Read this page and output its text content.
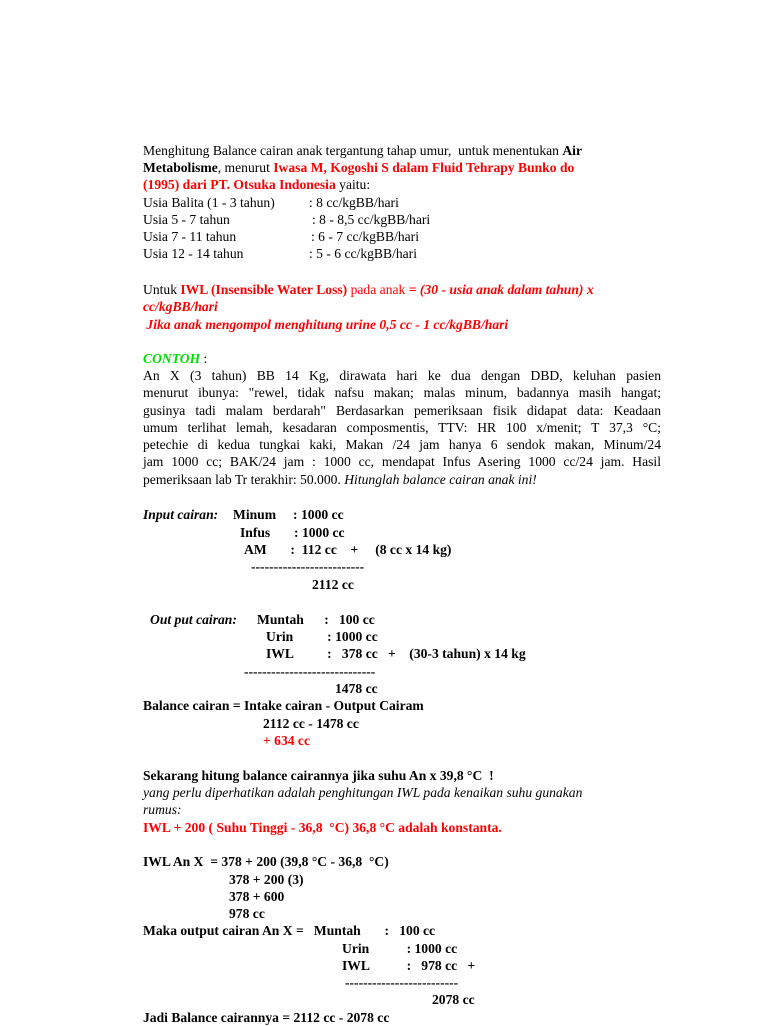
Menghitung Balance cairan anak tergantung tahap umur,  untuk menentukan Air
Metabolisme, menurut Iwasa M, Kogoshi S dalam Fluid Tehrapy Bunko do
(1995) dari PT. Otsuka Indonesia yaitu:
Usia Balita (1 - 3 tahun)	: 8 cc/kgBB/hari
Usia 5 - 7 tahun	: 8 - 8,5 cc/kgBB/hari
Usia 7 - 11 tahun	: 6 - 7 cc/kgBB/hari
Usia 12 - 14 tahun	: 5 - 6 cc/kgBB/hari
Untuk IWL (Insensible Water Loss) pada anak = (30 - usia anak dalam tahun) x
cc/kgBB/hari
Jika anak mengompol menghitung urine 0,5 cc - 1 cc/kgBB/hari
CONTOH :
An X (3 tahun) BB 14 Kg, dirawata hari ke dua dengan DBD, keluhan pasien
menurut ibunya: "rewel, tidak nafsu makan; malas minum, badannya masih hangat;
gusinya tadi malam berdarah" Berdasarkan pemeriksaan fisik didapat data: Keadaan
umum terlihat lemah, kesadaran composmentis, TTV: HR 100 x/menit; T 37,3 °C;
petechie di kedua tungkai kaki, Makan /24 jam hanya 6 sendok makan, Minum/24
jam 1000 cc; BAK/24 jam : 1000 cc, mendapat Infus Asering 1000 cc/24 jam. Hasil
pemeriksaan lab Tr terakhir: 50.000. Hitunglah balance cairan anak ini!
Input cairan: Minum     : 1000 cc
Infus       : 1000 cc
AM       :  112 cc    +     (8 cc x 14 kg)
-------------------------
2112 cc
Out put cairan: Muntah      :   100 cc
Urin          : 1000 cc
IWL          :   378 cc   +    (30-3 tahun) x 14 kg
-----------------------------
1478 cc
Balance cairan = Intake cairan - Output Cairam
2112 cc - 1478 cc
+ 634 cc
Sekarang hitung balance cairannya jika suhu An x 39,8 °C  !
yang perlu diperhatikan adalah penghitungan IWL pada kenaikan suhu gunakan
rumus:
IWL + 200 ( Suhu Tinggi - 36,8  °C) 36,8 °C adalah konstanta.
IWL An X  = 378 + 200 (39,8 °C - 36,8  °C)
378 + 200 (3)
378 + 600
978 cc
Maka output cairan An X =   Muntah       :   100 cc
Urin           : 1000 cc
IWL           :   978 cc   +
-------------------------
2078 cc
Jadi Balance cairannya = 2112 cc - 2078 cc
